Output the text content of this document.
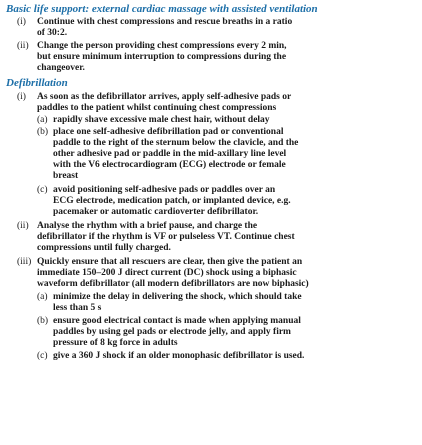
Basic life support: external cardiac massage with assisted ventilation
(i) Continue with chest compressions and rescue breaths in a ratio
of 30:2.
(ii) Change the person providing chest compressions every 2 min,
but ensure minimum interruption to compressions during the
changeover.
Defibrillation
(i) As soon as the defibrillator arrives, apply self-adhesive pads or
paddles to the patient whilst continuing chest compressions
(a) rapidly shave excessive male chest hair, without delay
(b) place one self-adhesive defibrillation pad or conventional
paddle to the right of the sternum below the clavicle, and the
other adhesive pad or paddle in the mid-axillary line level
with the V6 electrocardiogram (ECG) electrode or female
breast
(c) avoid positioning self-adhesive pads or paddles over an
ECG electrode, medication patch, or implanted device, e.g.
pacemaker or automatic cardioverter defibrillator.
(ii) Analyse the rhythm with a brief pause, and charge the
defibrillator if the rhythm is VF or pulseless VT. Continue chest
compressions until fully charged.
(iii) Quickly ensure that all rescuers are clear, then give the patient an
immediate 150–200 J direct current (DC) shock using a biphasic
waveform defibrillator (all modern defibrillators are now biphasic)
(a) minimize the delay in delivering the shock, which should take
less than 5 s
(b) ensure good electrical contact is made when applying manual
paddles by using gel pads or electrode jelly, and apply firm
pressure of 8 kg force in adults
(c) give a 360 J shock if an older monophasic defibrillator is used.
